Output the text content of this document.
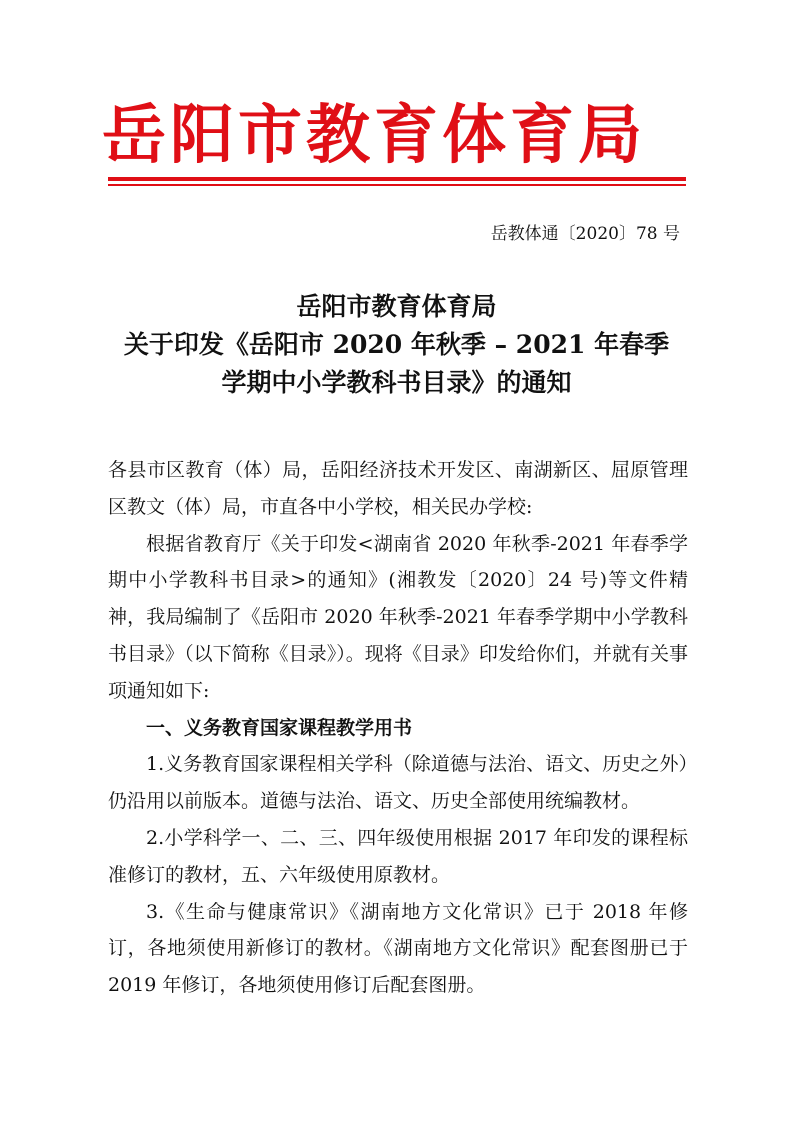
岳阳市教育体育局
岳教体通〔2020〕78 号
岳阳市教育体育局
关于印发《岳阳市 2020 年秋季 – 2021 年春季
学期中小学教科书目录》的通知

各县市区教育（体）局，岳阳经济技术开发区、南湖新区、屈原管理区教文（体）局，市直各中小学校，相关民办学校:

根据省教育厅《关于印发<湖南省 2020 年秋季-2021 年春季学期中小学教科书目录>的通知》(湘教发〔2020〕24 号)等文件精神，我局编制了《岳阳市 2020 年秋季-2021 年春季学期中小学教科书目录》（以下简称《目录》）。现将《目录》印发给你们，并就有关事项通知如下:

一、义务教育国家课程教学用书

1.义务教育国家课程相关学科（除道德与法治、语文、历史之外）仍沿用以前版本。道德与法治、语文、历史全部使用统编教材。

2.小学科学一、二、三、四年级使用根据 2017 年印发的课程标准修订的教材，五、六年级使用原教材。

3.《生命与健康常识》《湖南地方文化常识》已于 2018 年修订，各地须使用新修订的教材。《湖南地方文化常识》配套图册已于 2019 年修订，各地须使用修订后配套图册。
